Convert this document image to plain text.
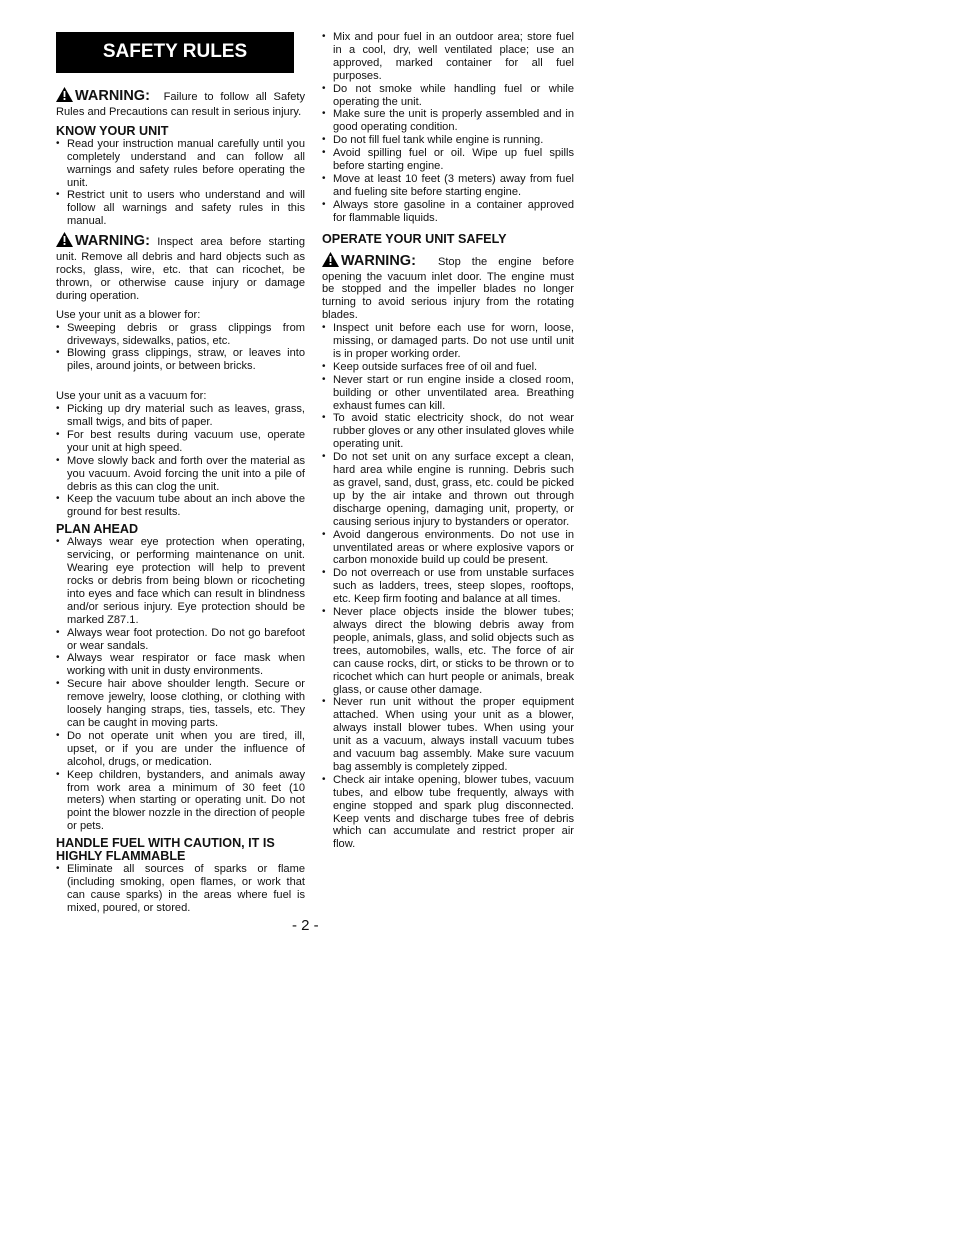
SAFETY RULES

WARNING: Failure to follow all Safety Rules and Precautions can result in serious injury.

KNOW YOUR UNIT
• Read your instruction manual carefully until you completely understand and can follow all warnings and safety rules before operating the unit.
• Restrict unit to users who understand and will follow all warnings and safety rules in this manual.

WARNING: Inspect area before starting unit. Remove all debris and hard objects such as rocks, glass, wire, etc. that can ricochet, be thrown, or otherwise cause injury or damage during operation.

Use your unit as a blower for:

• Sweeping debris or grass clippings from driveways, sidewalks, patios, etc.
• Blowing grass clippings, straw, or leaves into piles, around joints, or between bricks.

Use your unit as a vacuum for:

• Picking up dry material such as leaves, grass, small twigs, and bits of paper.
• For best results during vacuum use, operate your unit at high speed.
• Move slowly back and forth over the material as you vacuum. Avoid forcing the unit into a pile of debris as this can clog the unit.
• Keep the vacuum tube about an inch above the ground for best results.
PLAN AHEAD
• Always wear eye protection when operating, servicing, or performing maintenance on unit. Wearing eye protection will help to prevent rocks or debris from being blown or ricocheting into eyes and face which can result in blindness and/or serious injury. Eye protection should be marked Z87.1.
• Always wear foot protection. Do not go barefoot or wear sandals.
• Always wear respirator or face mask when working with unit in dusty environments.
• Secure hair above shoulder length. Secure or remove jewelry, loose clothing, or clothing with loosely hanging straps, ties, tassels, etc. They can be caught in moving parts.
• Do not operate unit when you are tired, ill, upset, or if you are under the influence of alcohol, drugs, or medication.
• Keep children, bystanders, and animals away from work area a minimum of 30 feet (10 meters) when starting or operating unit. Do not point the blower nozzle in the direction of people or pets.
HANDLE FUEL WITH CAUTION, IT IS HIGHLY FLAMMABLE
• Eliminate all sources of sparks or flame (including smoking, open flames, or work that can cause sparks) in the areas where fuel is mixed, poured, or stored.
• Mix and pour fuel in an outdoor area; store fuel in a cool, dry, well ventilated place; use an approved, marked container for all fuel purposes.
• Do not smoke while handling fuel or while operating the unit.
• Make sure the unit is properly assembled and in good operating condition.
• Do not fill fuel tank while engine is running.
• Avoid spilling fuel or oil. Wipe up fuel spills before starting engine.
• Move at least 10 feet (3 meters) away from fuel and fueling site before starting engine.
• Always store gasoline in a container approved for flammable liquids.
OPERATE YOUR UNIT SAFELY

WARNING: Stop the engine before opening the vacuum inlet door. The engine must be stopped and the impeller blades no longer turning to avoid serious injury from the rotating blades.

• Inspect unit before each use for worn, loose, missing, or damaged parts. Do not use until unit is in proper working order.
• Keep outside surfaces free of oil and fuel.
• Never start or run engine inside a closed room, building or other unventilated area. Breathing exhaust fumes can kill.
• To avoid static electricity shock, do not wear rubber gloves or any other insulated gloves while operating unit.
• Do not set unit on any surface except a clean, hard area while engine is running. Debris such as gravel, sand, dust, grass, etc. could be picked up by the air intake and thrown out through discharge opening, damaging unit, property, or causing serious injury to bystanders or operator.
• Avoid dangerous environments. Do not use in unventilated areas or where explosive vapors or carbon monoxide build up could be present.
• Do not overreach or use from unstable surfaces such as ladders, trees, steep slopes, rooftops, etc. Keep firm footing and balance at all times.
• Never place objects inside the blower tubes; always direct the blowing debris away from people, animals, glass, and solid objects such as trees, automobiles, walls, etc. The force of air can cause rocks, dirt, or sticks to be thrown or to ricochet which can hurt people or animals, break glass, or cause other damage.
• Never run unit without the proper equipment attached. When using your unit as a blower, always install blower tubes. When using your unit as a vacuum, always install vacuum tubes and vacuum bag assembly. Make sure vacuum bag assembly is completely zipped.
• Check air intake opening, blower tubes, vacuum tubes, and elbow tube frequently, always with engine stopped and spark plug disconnected. Keep vents and discharge tubes free of debris which can accumulate and restrict proper air flow.
- 2 -
